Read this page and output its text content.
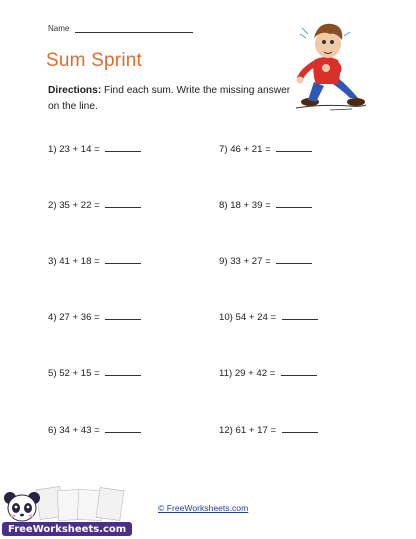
Name
Sum Sprint
Directions: Find each sum. Write the missing answer on the line.
1) 23 + 14 =
2) 35 + 22 =
3) 41 + 18 =
4) 27 + 36 =
5) 52 + 15 =
6) 34 + 43 =
7) 46 + 21 =
8) 18 + 39 =
9) 33 + 27 =
10) 54 + 24 =
11) 29 + 42 =
12) 61 + 17 =
FreeWorksheets.com
© FreeWorksheets.com
